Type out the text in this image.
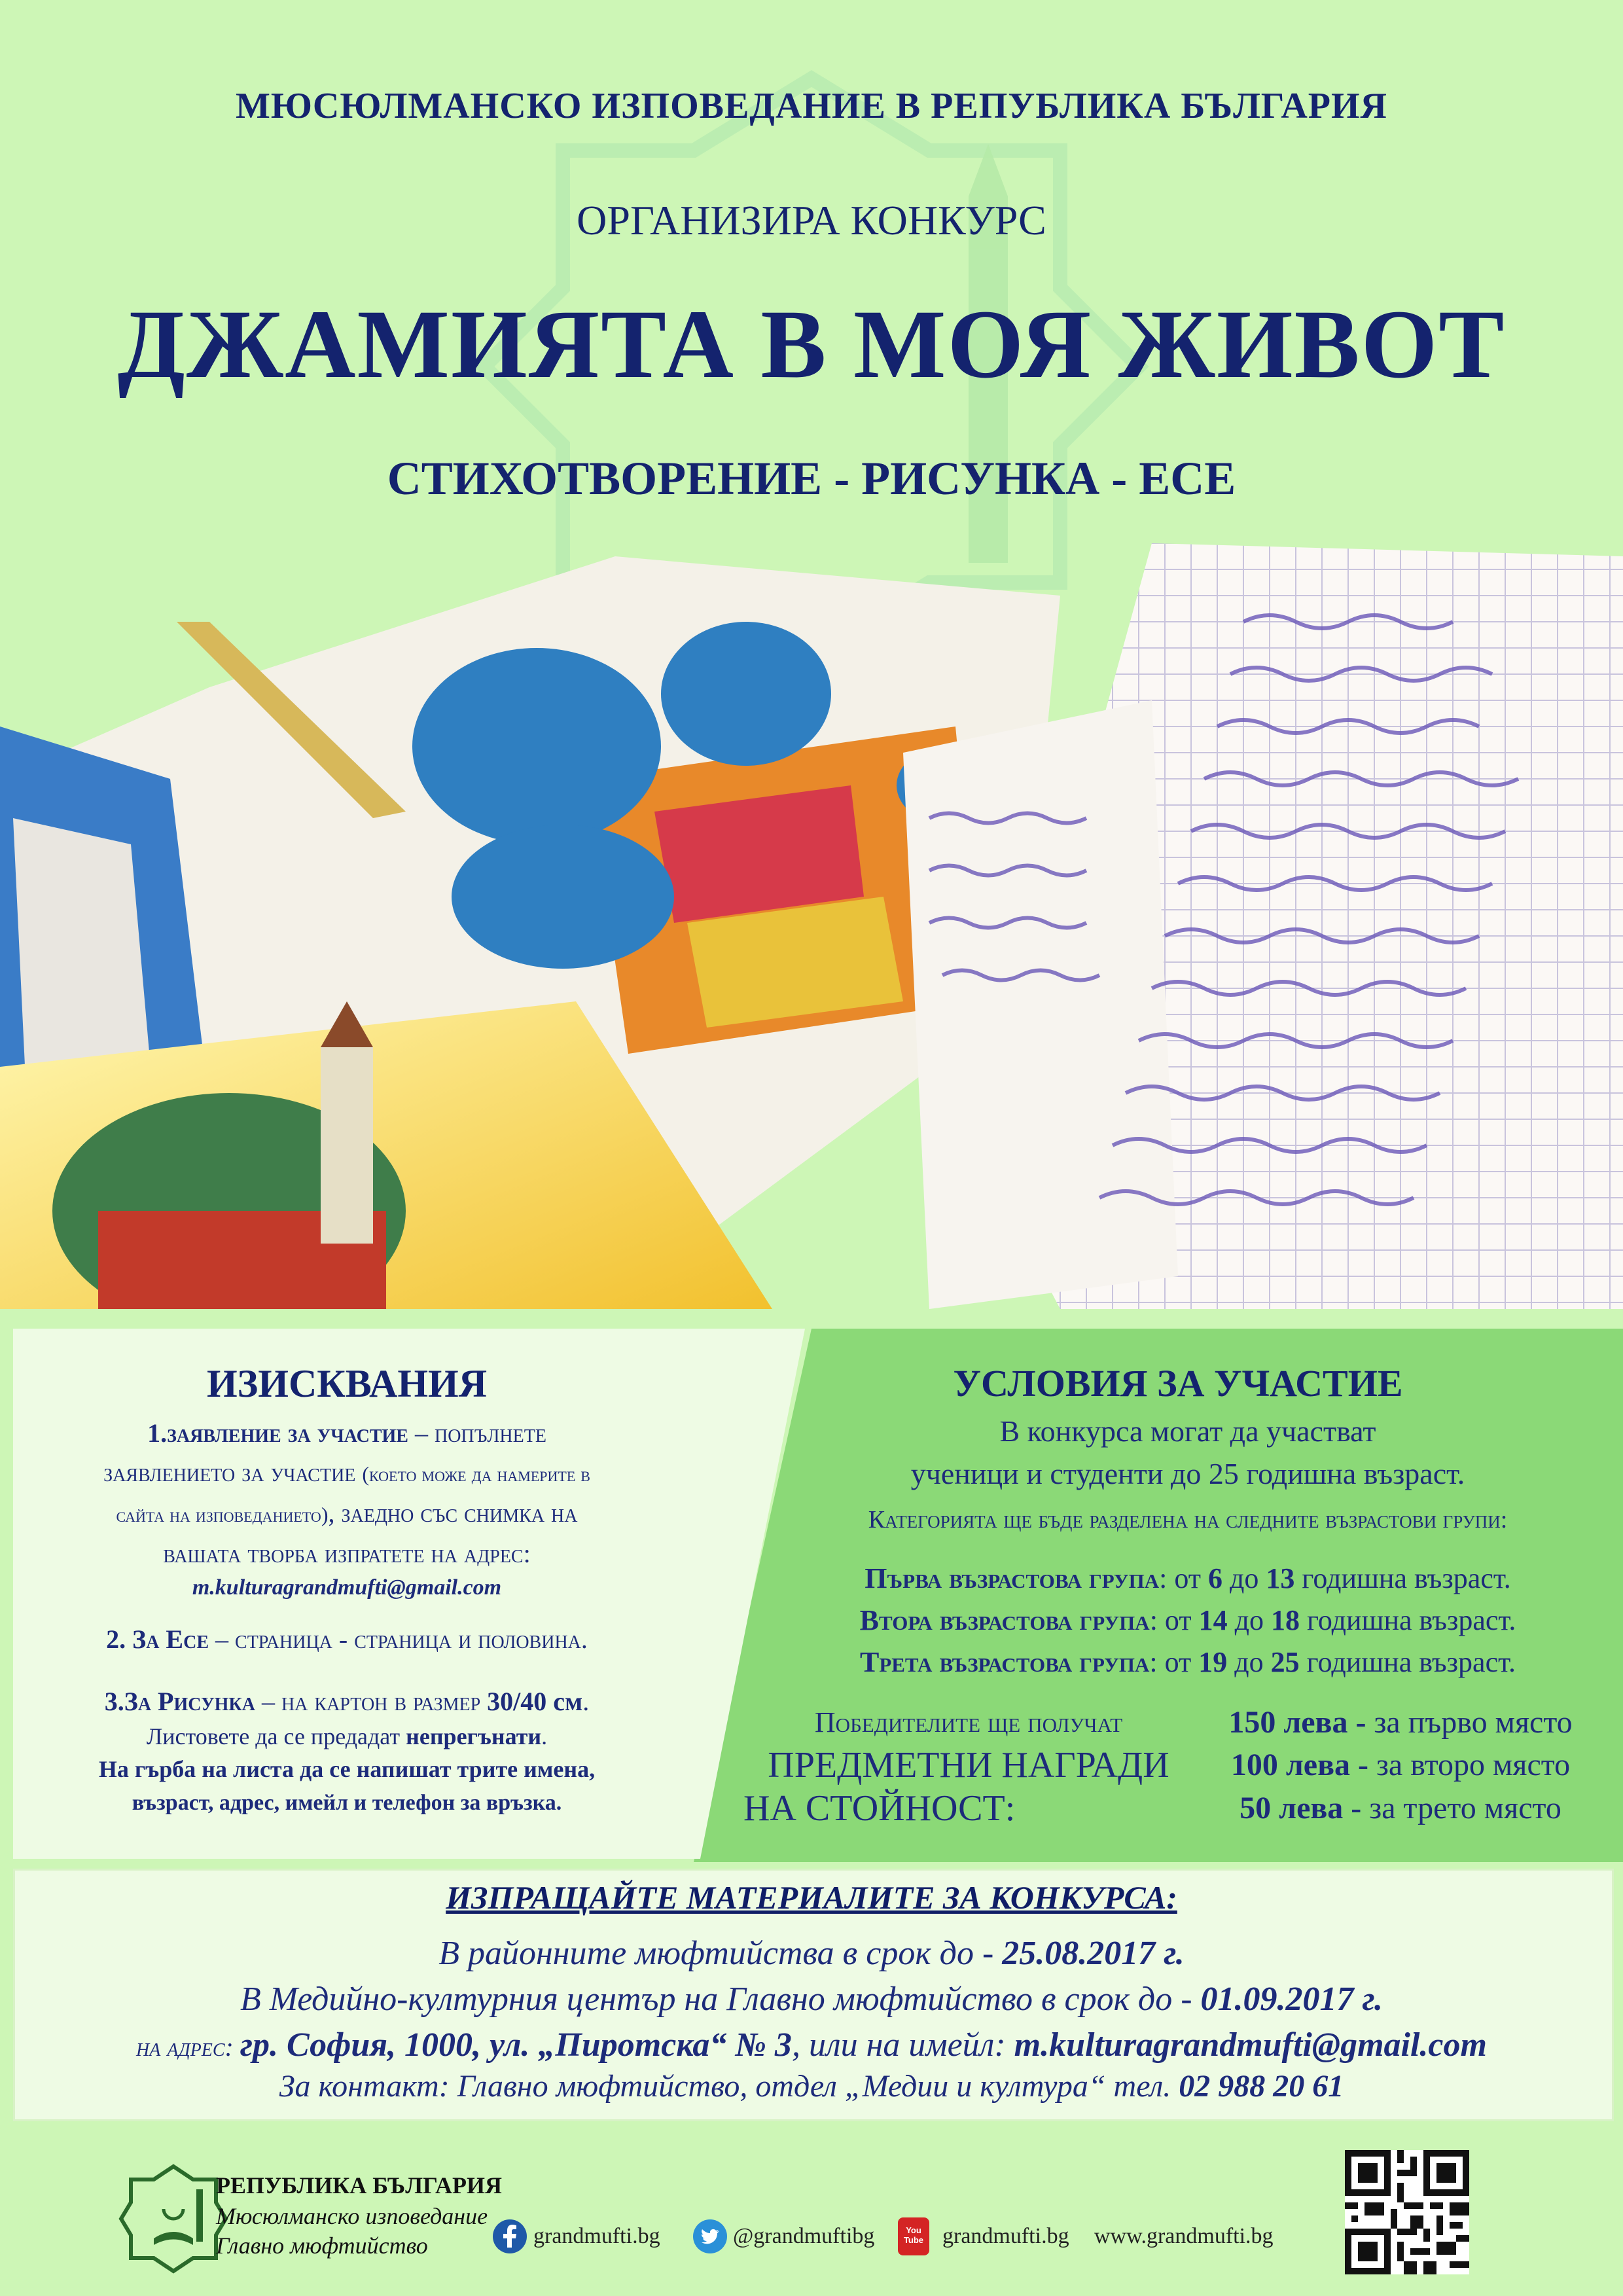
МЮСЮЛМАНСКО ИЗПОВЕДАНИЕ В РЕПУБЛИКА БЪЛГАРИЯ
ОРГАНИЗИРА КОНКУРС
ДЖАМИЯТА В МОЯ ЖИВОТ
СТИХОТВОРЕНИЕ - РИСУНКА - ЕСЕ
ИЗИСКВАНИЯ
1.заявление за участие – попълнете
заявлението за участие (което може да намерите в
сайта на изповеданието), заедно със снимка на
вашата творба изпратете на адрес:
m.kulturagrandmufti@gmail.com
2. За Есе – страница - страница и половина.
3.За Рисунка – на картон в размер 30/40 см.
Листовете да се предадат непрегънати.
На гърба на листа да се напишат трите имена,
възраст, адрес, имейл и телефон за връзка.
УСЛОВИЯ ЗА УЧАСТИЕ
В конкурса могат да участват
ученици и студенти до 25 годишна възраст.
Категорията ще бъде разделена на следните възрастови групи:
Първа възрастова група: от 6 до 13 годишна възраст.
Втора възрастова група: от 14 до 18 годишна възраст.
Трета възрастова група: от 19 до 25 годишна възраст.
Победителите ще получат
ПРЕДМЕТНИ НАГРАДИ
НА СТОЙНОСТ:
150 лева - за първо място
100 лева - за второ място
50 лева - за трето място
ИЗПРАЩАЙТЕ МАТЕРИАЛИТЕ ЗА КОНКУРСА:
В районните мюфтийства в срок до - 25.08.2017 г.
В Медийно-културния център на Главно мюфтийство в срок до - 01.09.2017 г.
на адрес: гр. София, 1000, ул. „Пиротска“ № 3, или на имейл: m.kulturagrandmufti@gmail.com
За контакт: Главно мюфтийство, отдел „Медии и култура“ тел. 02 988 20 61
РЕПУБЛИКА БЪЛГАРИЯ
Мюсюлманско изповедание
Главно мюфтийство	grandmufti.bg	@grandmuftibg	You Tube grandmufti.bg www.grandmufti.bg
